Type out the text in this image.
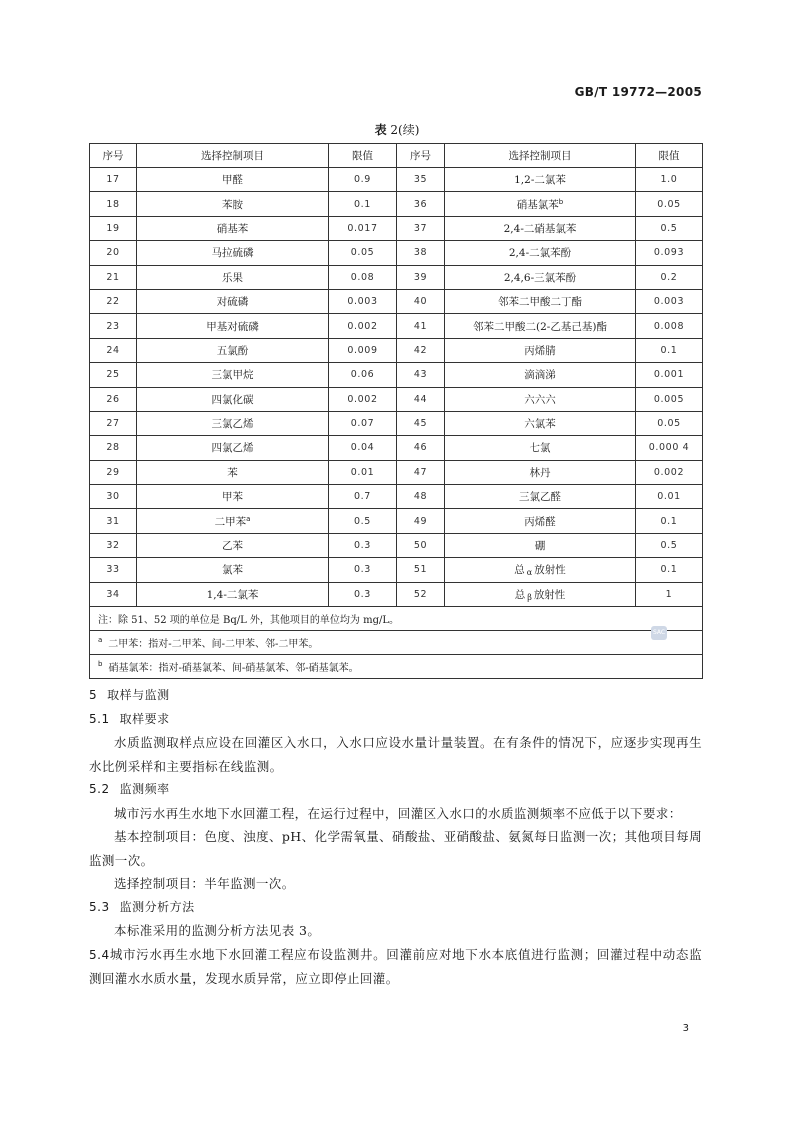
GB/T 19772—2005
表 2(续)
序号	选择控制项目	限值	序号	选择控制项目	限值
17	甲醛	0.9	35	1,2-二氯苯	1.0
18	苯胺	0.1	36	硝基氯苯$^b$	0.05
19	硝基苯	0.017	37	2,4-二硝基氯苯	0.5
20	马拉硫磷	0.05	38	2,4-二氯苯酚	0.093
21	乐果	0.08	39	2,4,6-三氯苯酚	0.2
22	对硫磷	0.003	40	邻苯二甲酸二丁酯	0.003
23	甲基对硫磷	0.002	41	邻苯二甲酸二(2-乙基己基)酯	0.008
24	五氯酚	0.009	42	丙烯腈	0.1
25	三氯甲烷	0.06	43	滴滴涕	0.001
26	四氯化碳	0.002	44	六六六	0.005
27	三氯乙烯	0.07	45	六氯苯	0.05
28	四氯乙烯	0.04	46	七氯	0.000 4
29	苯	0.01	47	林丹	0.002
30	甲苯	0.7	48	三氯乙醛	0.01
31	二甲苯$^a$	0.5	49	丙烯醛	0.1
32	乙苯	0.3	50	硼	0.5
33	氯苯	0.3	51	总 α 放射性	0.1
34	1,4-二氯苯	0.3	52	总 β 放射性	1
注：除 51、52 项的单位是 Bq/L 外，其他项目的单位均为 mg/L。					
$^a$ 二甲苯：指对-二甲苯、间-二甲苯、邻-二甲苯。					
$^b$ 硝基氯苯：指对-硝基氯苯、间-硝基氯苯、邻-硝基氯苯。					
SAC
5 取样与监测
5.1 取样要求

水质监测取样点应设在回灌区入水口，入水口应设水量计量装置。在有条件的情况下，应逐步实现再生水比例采样和主要指标在线监测。

5.2 监测频率

城市污水再生水地下水回灌工程，在运行过程中，回灌区入水口的水质监测频率不应低于以下要求：

基本控制项目：色度、浊度、pH、化学需氧量、硝酸盐、亚硝酸盐、氨氮每日监测一次；其他项目每周监测一次。

选择控制项目：半年监测一次。

5.3 监测分析方法

本标准采用的监测分析方法见表 3。

5.4城市污水再生水地下水回灌工程应布设监测井。回灌前应对地下水本底值进行监测；回灌过程中动态监测回灌水水质水量，发现水质异常，应立即停止回灌。
3
